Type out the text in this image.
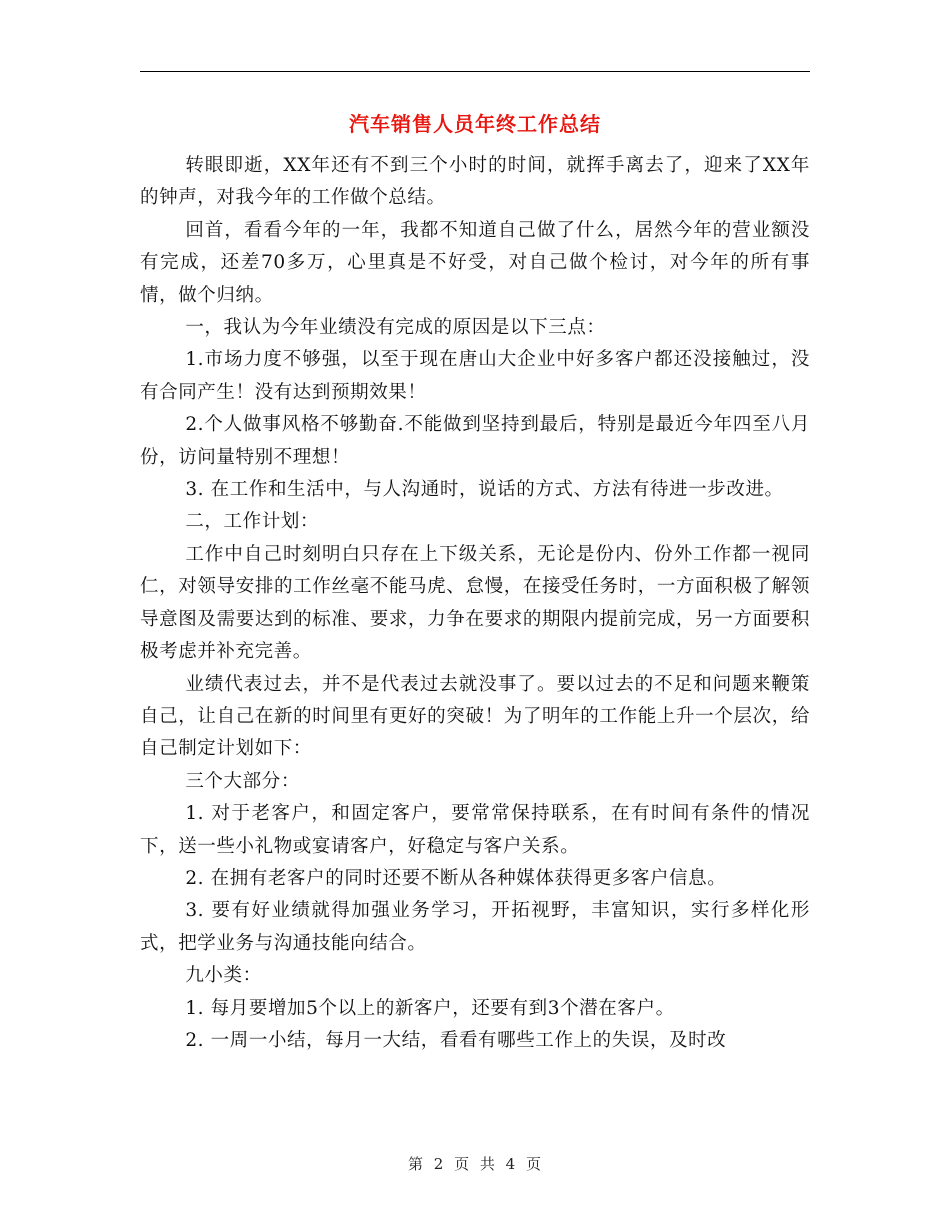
汽车销售人员年终工作总结

转眼即逝，XX年还有不到三个小时的时间，就挥手离去了，迎来了XX年的钟声，对我今年的工作做个总结。

回首，看看今年的一年，我都不知道自己做了什么，居然今年的营业额没有完成，还差70多万，心里真是不好受，对自己做个检讨，对今年的所有事情，做个归纳。

一，我认为今年业绩没有完成的原因是以下三点：

1.市场力度不够强，以至于现在唐山大企业中好多客户都还没接触过，没有合同产生！没有达到预期效果！

2.个人做事风格不够勤奋.不能做到坚持到最后，特别是最近今年四至八月份，访问量特别不理想！

3. 在工作和生活中，与人沟通时，说话的方式、方法有待进一步改进。

二，工作计划：

工作中自己时刻明白只存在上下级关系，无论是份内、份外工作都一视同仁，对领导安排的工作丝毫不能马虎、怠慢，在接受任务时，一方面积极了解领导意图及需要达到的标准、要求，力争在要求的期限内提前完成，另一方面要积极考虑并补充完善。

业绩代表过去，并不是代表过去就没事了。要以过去的不足和问题来鞭策自己，让自己在新的时间里有更好的突破！为了明年的工作能上升一个层次，给自己制定计划如下：

三个大部分：

1. 对于老客户，和固定客户，要常常保持联系，在有时间有条件的情况下，送一些小礼物或宴请客户，好稳定与客户关系。

2. 在拥有老客户的同时还要不断从各种媒体获得更多客户信息。

3. 要有好业绩就得加强业务学习，开拓视野，丰富知识，实行多样化形式，把学业务与沟通技能向结合。

九小类：

1. 每月要增加5个以上的新客户，还要有到3个潜在客户。

2. 一周一小结，每月一大结，看看有哪些工作上的失误，及时改

第 2 页 共 4 页
